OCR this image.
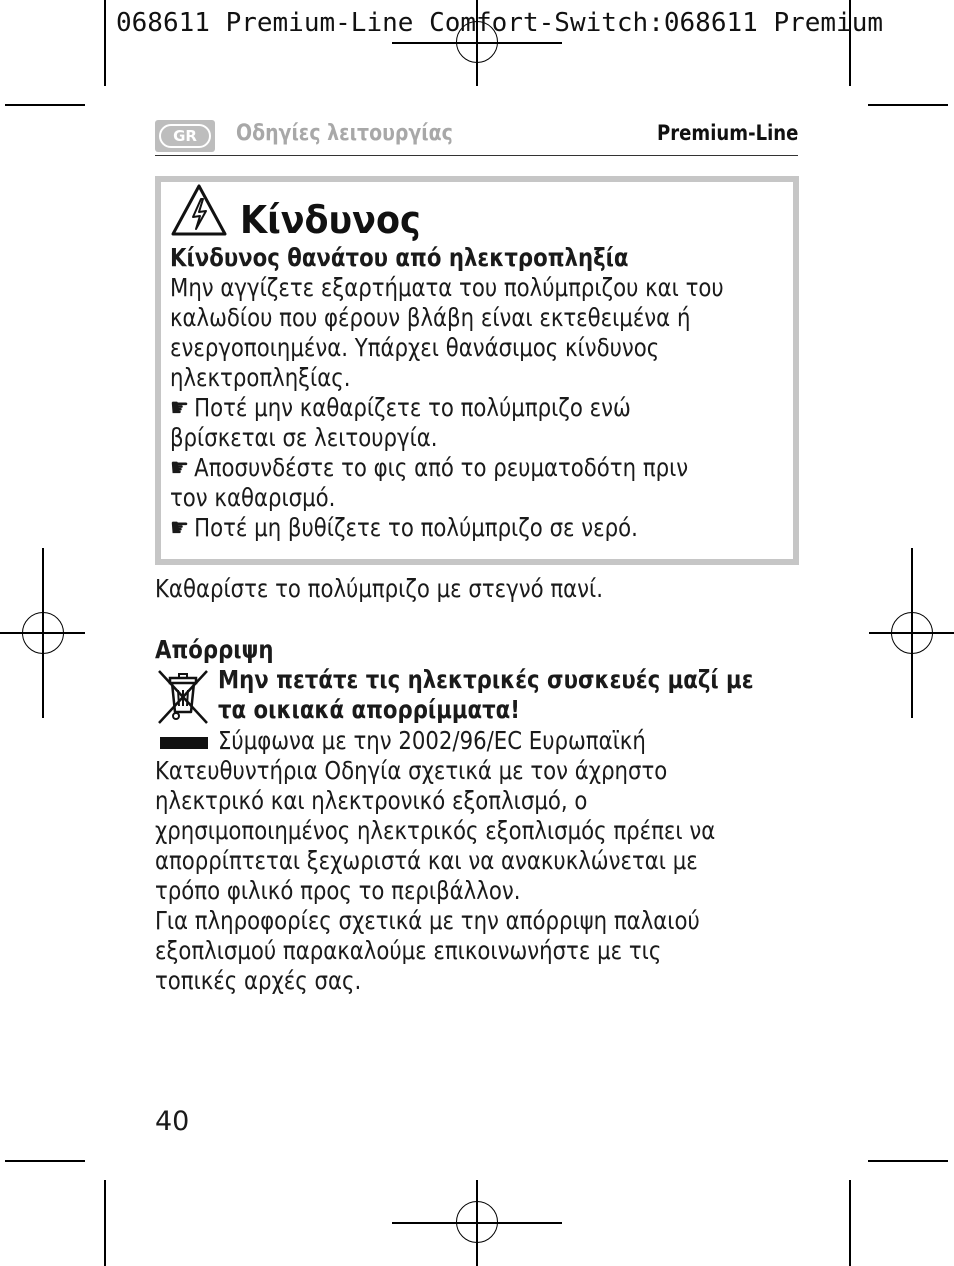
068611 Premium-Line Comfort-Switch:068611 Premium
GR	Οδηγίες λειτουργίας	Premium-Line
Κίνδυνος
Κίνδυνος θανάτου από ηλεκτροπληξία
Μην αγγίζετε εξαρτήματα του πολύμπριζου και του
καλωδίου που φέρουν βλάβη είναι εκτεθειμένα ή
ενεργοποιημένα. Υπάρχει θανάσιμος κίνδυνος
ηλεκτροπληξίας.
☛ Ποτέ μην καθαρίζετε το πολύμπριζο ενώ
βρίσκεται σε λειτουργία.
☛ Αποσυνδέστε το φις από το ρευματοδότη πριν
τον καθαρισμό.
☛ Ποτέ μη βυθίζετε το πολύμπριζο σε νερό.
Καθαρίστε το πολύμπριζο με στεγνό πανί.
Απόρριψη
Μην πετάτε τις ηλεκτρικές συσκευές μαζί με
τα οικιακά απορρίμματα!
Σύμφωνα με την 2002/96/EC Ευρωπαϊκή
Κατευθυντήρια Οδηγία σχετικά με τον άχρηστο
ηλεκτρικό και ηλεκτρονικό εξοπλισμό, ο
χρησιμοποιημένος ηλεκτρικός εξοπλισμός πρέπει να
απορρίπτεται ξεχωριστά και να ανακυκλώνεται με
τρόπο φιλικό προς το περιβάλλον.
Για πληροφορίες σχετικά με την απόρριψη παλαιού
εξοπλισμού παρακαλούμε επικοινωνήστε με τις
τοπικές αρχές σας.
40
